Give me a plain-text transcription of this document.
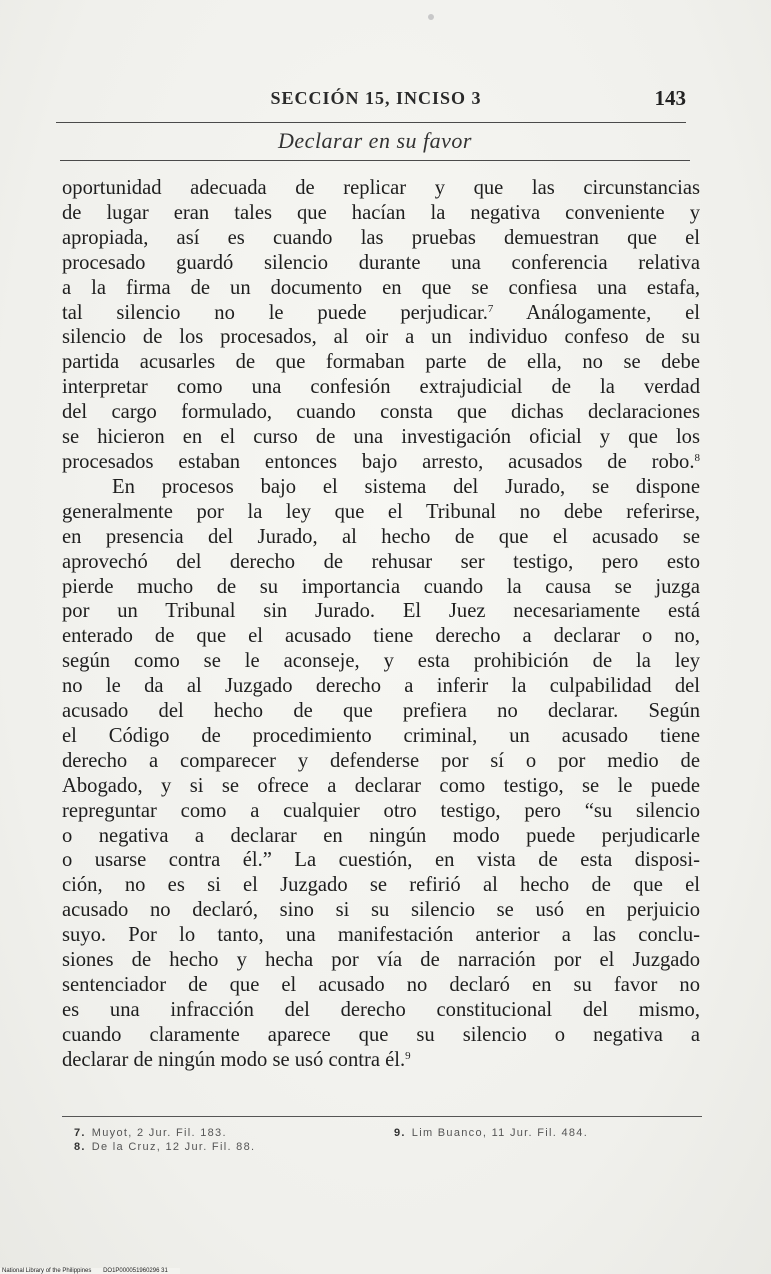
SECCIÓN 15, INCISO 3	143
Declarar en su favor

oportunidad adecuada de replicar y que las circunstancias
de lugar eran tales que hacían la negativa conveniente y
apropiada, así es cuando las pruebas demuestran que el
procesado guardó silencio durante una conferencia relativa
a la firma de un documento en que se confiesa una estafa,
tal silencio no le puede perjudicar.$^7$ Análogamente, el
silencio de los procesados, al oir a un individuo confeso de su
partida acusarles de que formaban parte de ella, no se debe
interpretar como una confesión extrajudicial de la verdad
del cargo formulado, cuando consta que dichas declaraciones
se hicieron en el curso de una investigación oficial y que los
procesados estaban entonces bajo arresto, acusados de robo.$^8$

En procesos bajo el sistema del Jurado, se dispone
generalmente por la ley que el Tribunal no debe referirse,
en presencia del Jurado, al hecho de que el acusado se
aprovechó del derecho de rehusar ser testigo, pero esto
pierde mucho de su importancia cuando la causa se juzga
por un Tribunal sin Jurado. El Juez necesariamente está
enterado de que el acusado tiene derecho a declarar o no,
según como se le aconseje, y esta prohibición de la ley
no le da al Juzgado derecho a inferir la culpabilidad del
acusado del hecho de que prefiera no declarar. Según
el Código de procedimiento criminal, un acusado tiene
derecho a comparecer y defenderse por sí o por medio de
Abogado, y si se ofrece a declarar como testigo, se le puede
repreguntar como a cualquier otro testigo, pero “su silencio
o negativa a declarar en ningún modo puede perjudicarle
o usarse contra él.” La cuestión, en vista de esta disposi-
ción, no es si el Juzgado se refirió al hecho de que el
acusado no declaró, sino si su silencio se usó en perjuicio
suyo. Por lo tanto, una manifestación anterior a las conclu-
siones de hecho y hecha por vía de narración por el Juzgado
sentenciador de que el acusado no declaró en su favor no
es una infracción del derecho constitucional del mismo,
cuando claramente aparece que su silencio o negativa a
declarar de ningún modo se usó contra él.$^9$

7. Muyot, 2 Jur. Fil. 183.
8. De la Cruz, 12 Jur. Fil. 88.
9. Lim Buanco, 11 Jur. Fil. 484.
National Library of the Philippines DO1P000051960296 31
